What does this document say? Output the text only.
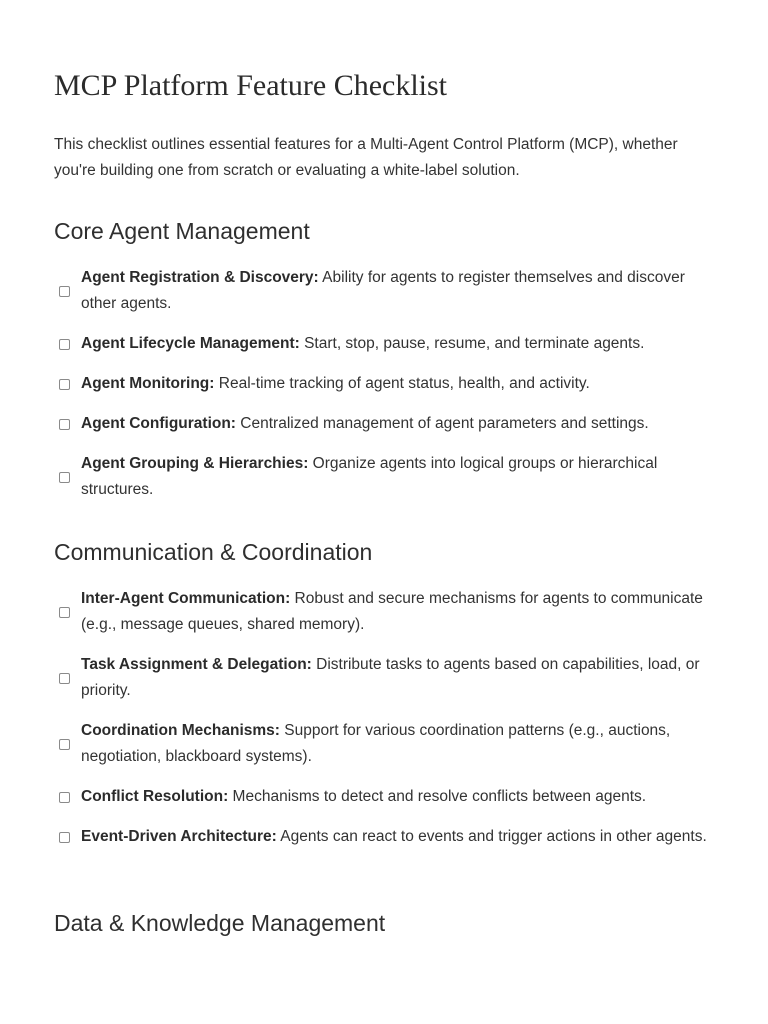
MCP Platform Feature Checklist

This checklist outlines essential features for a Multi-Agent Control Platform (MCP), whether you're building one from scratch or evaluating a white-label solution.

Core Agent Management
Agent Registration & Discovery: Ability for agents to register themselves and discover other agents.
Agent Lifecycle Management: Start, stop, pause, resume, and terminate agents.
Agent Monitoring: Real-time tracking of agent status, health, and activity.
Agent Configuration: Centralized management of agent parameters and settings.
Agent Grouping & Hierarchies: Organize agents into logical groups or hierarchical structures.
Communication & Coordination
Inter-Agent Communication: Robust and secure mechanisms for agents to communicate (e.g., message queues, shared memory).
Task Assignment & Delegation: Distribute tasks to agents based on capabilities, load, or priority.
Coordination Mechanisms: Support for various coordination patterns (e.g., auctions, negotiation, blackboard systems).
Conflict Resolution: Mechanisms to detect and resolve conflicts between agents.
Event-Driven Architecture: Agents can react to events and trigger actions in other agents.
Data & Knowledge Management
